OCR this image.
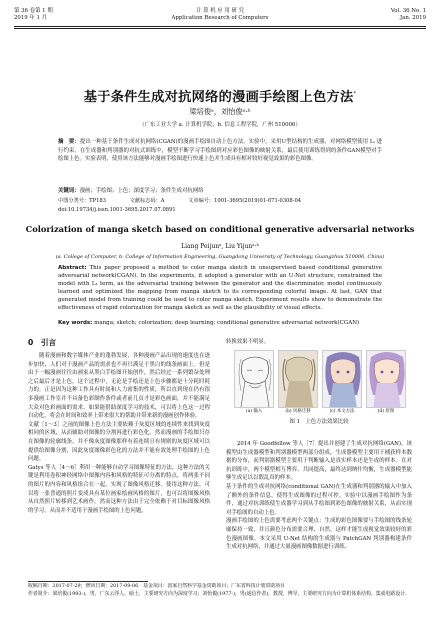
第 36 卷第 1 期
2019 年 1 月
计 算 机 应 用 研 究
Application Research of Computers
Vol. 36 No. 1
Jan. 2019
基于条件生成对抗网络的漫画手绘图上色方法*
梁培俊ᵃ，刘怡俊ᵃ·ᵇ
（广东工业大学 a. 计算机学院；b. 信息工程学院，广州 510006）
摘　要：提出一种基于条件生成对抗网络(CGAN)的漫画手绘图自动上色方法。实验中，采用U型结构的生成器，对网络模型使用 Lₗ 进行约束，在生成器和判别器的对抗式训练中，模型不断学习手绘图到对应彩色图像的映射关系，最后使用训练得到的条件GAN模型对手绘图上色。实验表明，使用该方法能够对漫画手绘图进行快速上色并生成具有相对较好视觉效果的彩色图像。
关键词：漫画；手绘图；上色；深度学习；条件生成对抗网络
中图分类号：TP183	文献标志码：A	文章编号：1001-3695(2019)01-071-0308-04
doi:10.19734/j.issn.1001-3695.2017.07.0891
Colorization of manga sketch based on conditional generative adversarial networks
Liang Peijunᵃ, Liu Yijunᵃ·ᵇ
(a. College of Computer, b. College of Information Engineering, Guangdong University of Technology, Guangzhou 510006, China)
Abstract: This paper proposed a method to color manga sketch in unsupervised based conditional generative adversarial network(CGAN). In the experiments, it adopted a generator with an U-Net structure, constrained the model with L₁ term, as the adversarial training between the generator and the discriminator, model continuously learned and optimized the mapping from manga sketch to its corresponding colorful image. At last, GAN that generated model from training could be used to color manga sketch. Experiment results show to demonstrate the effectiveness of rapid colorization for manga sketch as well as the plausibility of visual effects.
Key words: manga; sketch; colorization; deep learning; conditional generative adversarial network(CGAN)
0　引言
随着漫画和数字媒体产业的蓬勃发展，各种漫画产品出现的速度也在逐步加快，人们对于漫画产品的需求也不再只满足于黑白的线条画面上。但是由于一幅漫画往往由画家从黑白手绘图开始创作，然后经过一系列繁杂处理之后最后才是上色，这个过程中，无论是手绘还是上色步骤都是十分耗时耗力的。正是因为这种工作具有时间和人力密集的性质，所以直到现在仍有很多漫画工作室并不具备色彩制作条件或者前几页才是彩色画面，并不能满足大众对色彩画面的需求。如果能借助深度学习的技术，可以将上色这一过程自动化，将会在时间和效率上带来很大的帮助并带来新的漫画创作体验。
文献［1～3］之前的图像上色方法主要依赖于灰度区域的连续性来找到灰度相同的区域，从而辅助对图像的分割再进行彩色化。然而漫画的手绘图只存在图像的轮廓线条，并不像灰度图像那样有着连续且有规则的灰度区域可以提供给图像分割，因此灰度图像彩色化的方法并不能有效处理手绘图的上色问题。
Gatys 等人［4～6］利用一种能够自动学习图像特征的方法，这种方法的关键是利用卷积神经网络中图像内容和风格的特征可分离的特点，将两张不同的图片的内容和风格组合在一起，实现了图像风格迁移。使用这种方法，可以将一张普通的照片变成具有某位画家绘画风格的图片，也可以将图像风格从自然照片转移到艺术画作。然而这种方法由于完全依赖于对目标图像风格的学习，从而并不适用于漫画手绘图的上色问题。
转换效果不明显。
(a) 输入	(b) 风格迁移	(c) 本文方法	(d) 原图
图 1　上色方法效果比较
2014 年 Goodfellow 等人［7］提出并创建了生成对抗网络(GAN)，该模型由生成器模型和判别器模型两部分组成，生成器模型主要用于捕获样本数据的分布，而判别器模型主要用于判断输入是真实样本还是生成的样本。在对抗训练中，两个模型相互博弈、共同提高，最终达到纳什均衡，生成器模型能够生成足以以假乱真的样本。
基于条件的生成对抗网络(conditional GAN)在生成器和判别器的输入中加入了额外的条件信息，使得生成图像的过程可控。实验中以漫画手绘图作为条件，通过对抗训练使生成器学习到从手绘图到彩色图像的映射关系，从而实现对手绘图的自动上色。
漫画手绘图的上色需要考虑两个关键点：生成的彩色图像要与手绘图的线条轮廓保持一致，并且颜色分布需要合理、自然，这样才能生成视觉效果较好的彩色漫画图像。本文采用 U-Net 结构的生成器与 PatchGAN 判别器构建条件生成对抗网络，并通过大量漫画图像数据进行训练。
收稿日期：2017-07-29；修回日期：2017-09-06　基金项目：国家自然科学基金资助项目；广东省科技计划资助项目
作者简介：梁培俊(1993-)，男，广东云浮人，硕士，主要研究方向为深度学习；刘怡俊(1977-)，男(通信作者)，教授，博导，主要研究方向为计算机体系结构、集成电路设计.
